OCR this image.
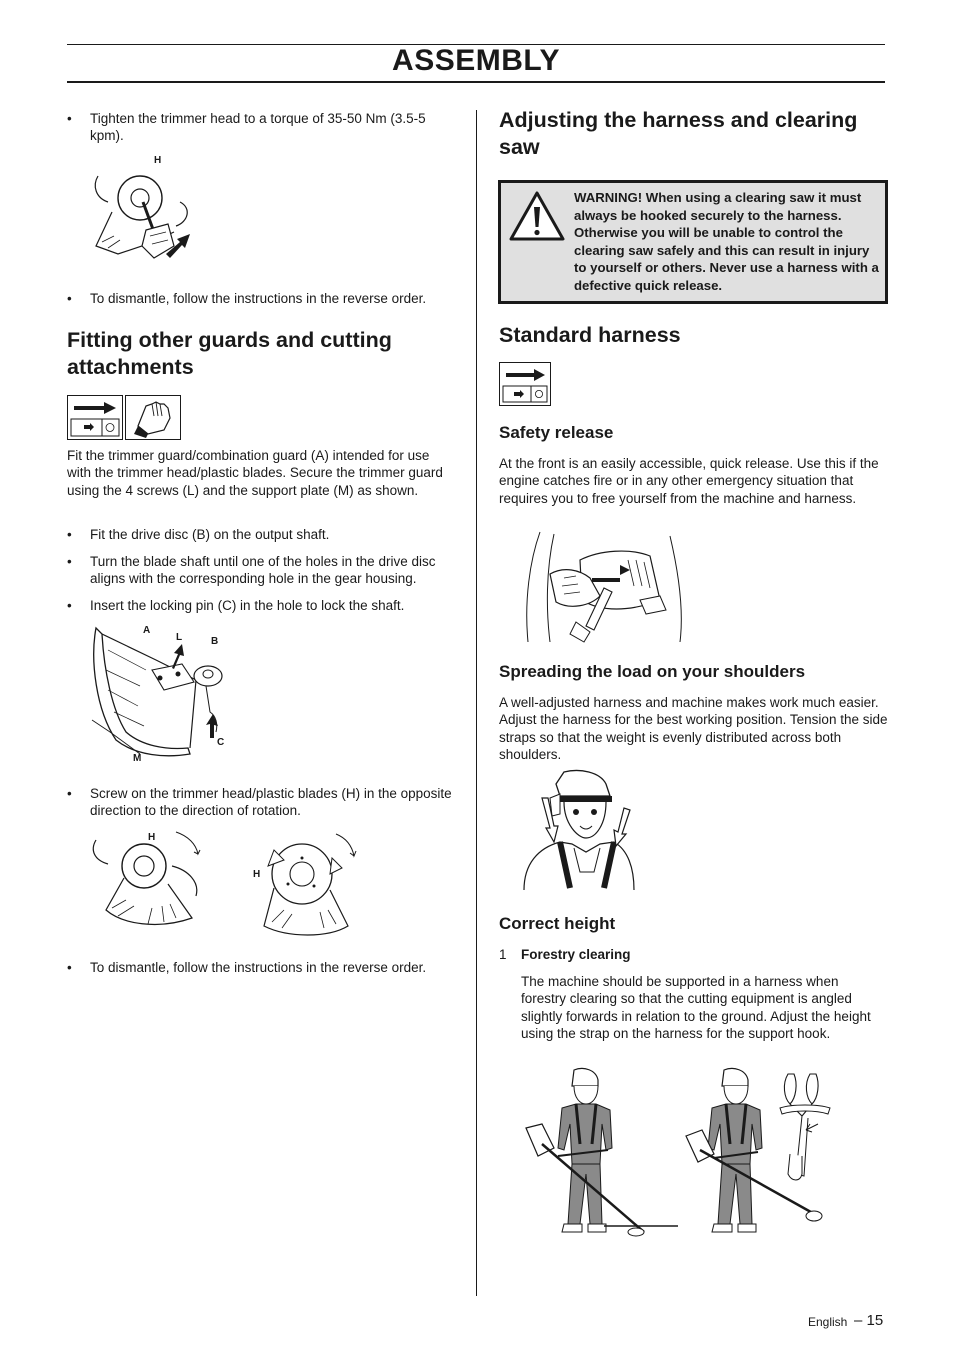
ASSEMBLY
• Tighten the trimmer head to a torque of 35-50 Nm (3.5-5 kpm).
H
• To dismantle, follow the instructions in the reverse order.
Fitting other guards and cutting attachments
Fit the trimmer guard/combination guard (A) intended for use with the trimmer head/plastic blades. Secure the trimmer guard using the 4 screws (L) and the support plate (M) as shown.
• Fit the drive disc (B) on the output shaft.
• Turn the blade shaft until one of the holes in the drive disc aligns with the corresponding hole in the gear housing.
• Insert the locking pin (C) in the hole to lock the shaft.
A
L	B
C
M
• Screw on the trimmer head/plastic blades (H) in the opposite direction to the direction of rotation.
H
H
• To dismantle, follow the instructions in the reverse order.
Adjusting the harness and clearing saw
WARNING! When using a clearing saw it must always be hooked securely to the harness. Otherwise you will be unable to control the clearing saw safely and this can result in injury to yourself or others. Never use a harness with a defective quick release.
Standard harness
Safety release
At the front is an easily accessible, quick release. Use this if the engine catches fire or in any other emergency situation that requires you to free yourself from the machine and harness.
Spreading the load on your shoulders
A well-adjusted harness and machine makes work much easier. Adjust the harness for the best working position. Tension the side straps so that the weight is evenly distributed across both shoulders.
Correct height
1	Forestry clearing
The machine should be supported in a harness when forestry clearing so that the cutting equipment is angled slightly forwards in relation to the ground. Adjust the height using the strap on the harness for the support hook.
English – 15
